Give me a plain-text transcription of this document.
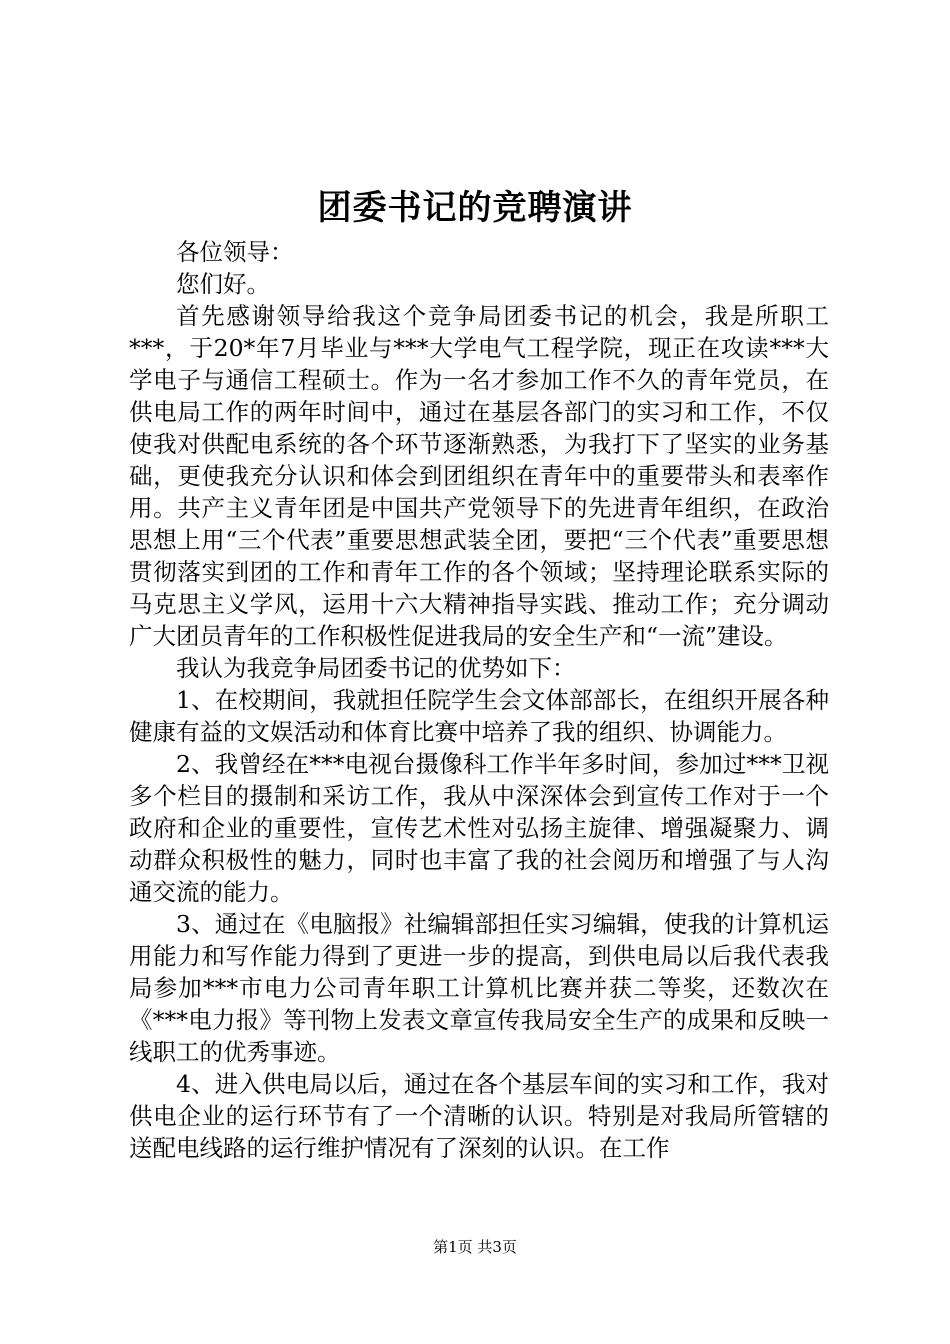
团委书记的竞聘演讲

各位领导：

您们好。

首先感谢领导给我这个竞争局团委书记的机会，我是所职工***，于20*年7月毕业与***大学电气工程学院，现正在攻读***大学电子与通信工程硕士。作为一名才参加工作不久的青年党员，在供电局工作的两年时间中，通过在基层各部门的实习和工作，不仅使我对供配电系统的各个环节逐渐熟悉，为我打下了坚实的业务基础，更使我充分认识和体会到团组织在青年中的重要带头和表率作用。共产主义青年团是中国共产党领导下的先进青年组织，在政治思想上用“三个代表”重要思想武装全团，要把“三个代表”重要思想贯彻落实到团的工作和青年工作的各个领域；坚持理论联系实际的马克思主义学风，运用十六大精神指导实践、推动工作；充分调动广大团员青年的工作积极性促进我局的安全生产和“一流”建设。

我认为我竞争局团委书记的优势如下：

1、在校期间，我就担任院学生会文体部部长，在组织开展各种健康有益的文娱活动和体育比赛中培养了我的组织、协调能力。

2、我曾经在***电视台摄像科工作半年多时间，参加过***卫视多个栏目的摄制和采访工作，我从中深深体会到宣传工作对于一个政府和企业的重要性，宣传艺术性对弘扬主旋律、增强凝聚力、调动群众积极性的魅力，同时也丰富了我的社会阅历和增强了与人沟通交流的能力。

3、通过在《电脑报》社编辑部担任实习编辑，使我的计算机运用能力和写作能力得到了更进一步的提高，到供电局以后我代表我局参加***市电力公司青年职工计算机比赛并获二等奖，还数次在《***电力报》等刊物上发表文章宣传我局安全生产的成果和反映一线职工的优秀事迹。

4、进入供电局以后，通过在各个基层车间的实习和工作，我对供电企业的运行环节有了一个清晰的认识。特别是对我局所管辖的送配电线路的运行维护情况有了深刻的认识。在工作

第1页 共3页
